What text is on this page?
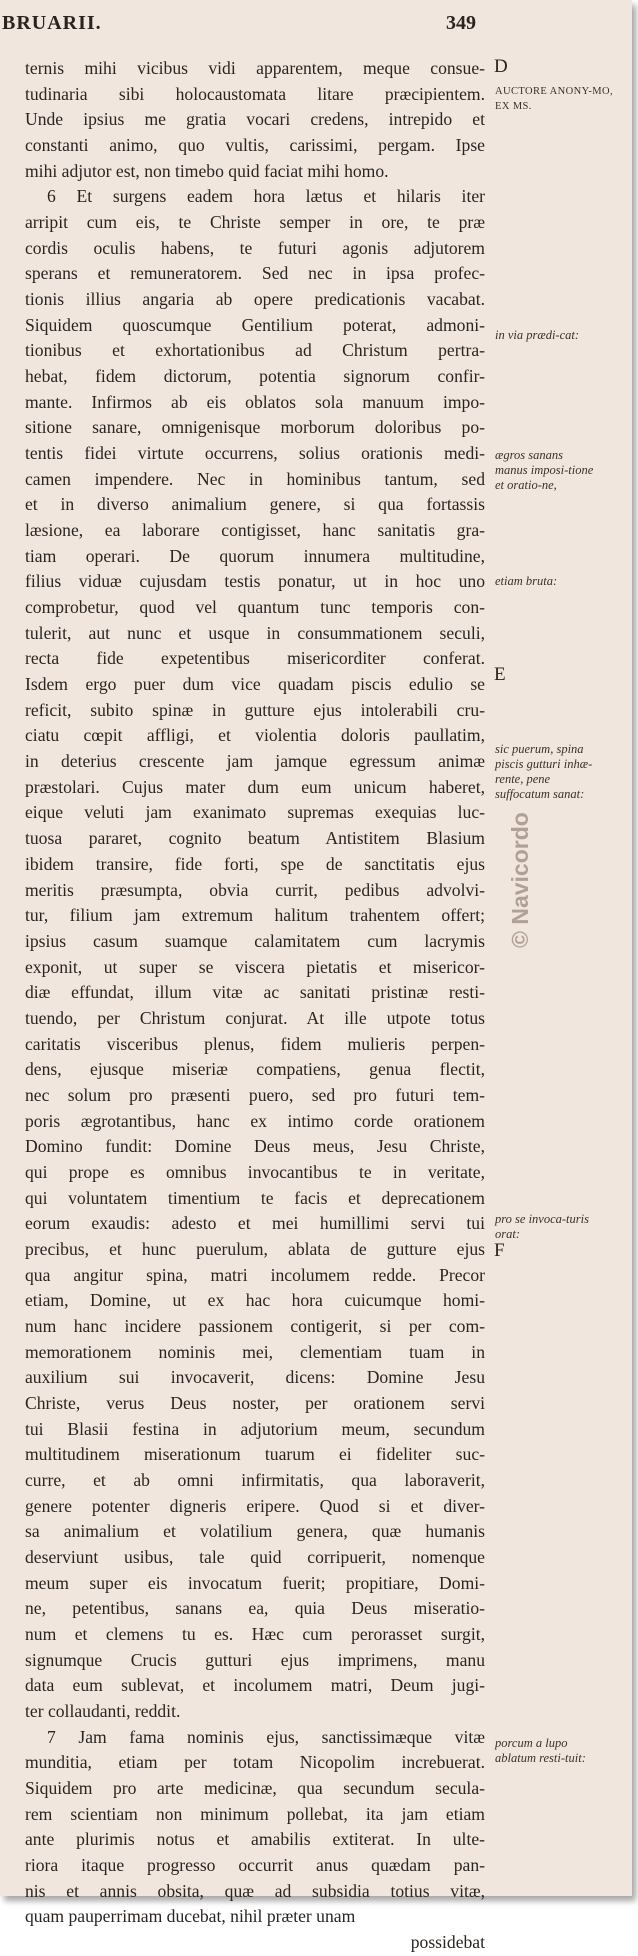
BRUARII.	349
ternis mihi vicibus vidi apparentem, meque consue-
tudinaria sibi holocaustomata litare præcipientem.
Unde ipsius me gratia vocari credens, intrepido et
constanti animo, quo vultis, carissimi, pergam. Ipse
mihi adjutor est, non timebo quid faciat mihi homo.
6 Et surgens eadem hora lætus et hilaris iter
arripit cum eis, te Christe semper in ore, te præ
cordis oculis habens, te futuri agonis adjutorem
sperans et remuneratorem. Sed nec in ipsa profec-
tionis illius angaria ab opere predicationis vacabat.
Siquidem quoscumque Gentilium poterat, admoni-
tionibus et exhortationibus ad Christum pertra-
hebat, fidem dictorum, potentia signorum confir-
mante. Infirmos ab eis oblatos sola manuum impo-
sitione sanare, omnigenisque morborum doloribus po-
tentis fidei virtute occurrens, solius orationis medi-
camen impendere. Nec in hominibus tantum, sed
et in diverso animalium genere, si qua fortassis
læsione, ea laborare contigisset, hanc sanitatis gra-
tiam operari. De quorum innumera multitudine,
filius viduæ cujusdam testis ponatur, ut in hoc uno
comprobetur, quod vel quantum tunc temporis con-
tulerit, aut nunc et usque in consummationem seculi,
recta fide expetentibus misericorditer conferat.
Isdem ergo puer dum vice quadam piscis edulio se
reficit, subito spinæ in gutture ejus intolerabili cru-
ciatu cœpit affligi, et violentia doloris paullatim,
in deterius crescente jam jamque egressum animæ
præstolari. Cujus mater dum eum unicum haberet,
eique veluti jam exanimato supremas exequias luc-
tuosa pararet, cognito beatum Antistitem Blasium
ibidem transire, fide forti, spe de sanctitatis ejus
meritis præsumpta, obvia currit, pedibus advolvi-
tur, filium jam extremum halitum trahentem offert;
ipsius casum suamque calamitatem cum lacrymis
exponit, ut super se viscera pietatis et misericor-
diæ effundat, illum vitæ ac sanitati pristinæ resti-
tuendo, per Christum conjurat. At ille utpote totus
caritatis visceribus plenus, fidem mulieris perpen-
dens, ejusque miseriæ compatiens, genua flectit,
nec solum pro præsenti puero, sed pro futuri tem-
poris ægrotantibus, hanc ex intimo corde orationem
Domino fundit: Domine Deus meus, Jesu Christe,
qui prope es omnibus invocantibus te in veritate,
qui voluntatem timentium te facis et deprecationem
eorum exaudis: adesto et mei humillimi servi tui
precibus, et hunc puerulum, ablata de gutture ejus
qua angitur spina, matri incolumem redde. Precor
etiam, Domine, ut ex hac hora cuicumque homi-
num hanc incidere passionem contigerit, si per com-
memorationem nominis mei, clementiam tuam in
auxilium sui invocaverit, dicens: Domine Jesu
Christe, verus Deus noster, per orationem servi
tui Blasii festina in adjutorium meum, secundum
multitudinem miserationum tuarum ei fideliter suc-
curre, et ab omni infirmitatis, qua laboraverit,
genere potenter digneris eripere. Quod si et diver-
sa animalium et volatilium genera, quæ humanis
deserviunt usibus, tale quid corripuerit, nomenque
meum super eis invocatum fuerit; propitiare, Domi-
ne, petentibus, sanans ea, quia Deus miseratio-
num et clemens tu es. Hæc cum perorasset surgit,
signumque Crucis gutturi ejus imprimens, manu
data eum sublevat, et incolumem matri, Deum jugi-
ter collaudanti, reddit.
7 Jam fama nominis ejus, sanctissimæque vitæ
munditia, etiam per totam Nicopolim increbuerat.
Siquidem pro arte medicinæ, qua secundum secula-
rem scientiam non minimum pollebat, ita jam etiam
ante plurimis notus et amabilis extiterat. In ulte-
riora itaque progresso occurrit anus quædam pan-
nis et annis obsita, quæ ad subsidia totius vitæ,
quam pauperrimam ducebat, nihil præter unam
possidebat
D
AUCTORE ANONY-MO, EX MS.
in via prædi-cat:
ægros sanans manus imposi-tione et oratio-ne,
etiam bruta:
E
sic puerum, spina piscis gutturi inhæ-rente, pene suffocatum sanat:
pro se invoca-turis orat:
F
porcum a lupo ablatum resti-tuit:
© Navicordo
